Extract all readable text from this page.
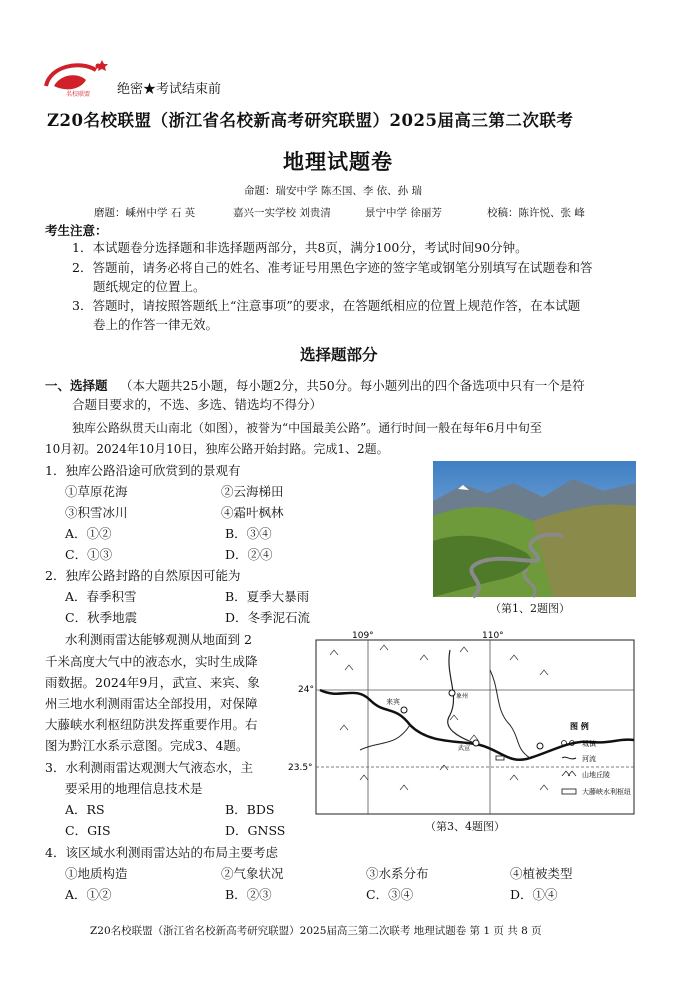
名校联盟 绝密★考试结束前
Z20名校联盟（浙江省名校新高考研究联盟）2025届高三第二次联考
地理试题卷
命题：瑞安中学 陈丕国、李 依、孙 瑞
磨题：嵊州中学 石 英	嘉兴一实学校 刘贵清	景宁中学 徐丽芳	校稿：陈许悦、张 峰
考生注意：
1．本试题卷分选择题和非选择题两部分，共8页，满分100分，考试时间90分钟。
2．答题前，请务必将自己的姓名、准考证号用黑色字迹的签字笔或钢笔分别填写在试题卷和答
题纸规定的位置上。
3．答题时，请按照答题纸上“注意事项”的要求，在答题纸相应的位置上规范作答，在本试题
卷上的作答一律无效。
选择题部分
一、选择题 （本大题共25小题，每小题2分，共50分。每小题列出的四个备选项中只有一个是符
合题目要求的，不选、多选、错选均不得分）
独库公路纵贯天山南北（如图），被誉为“中国最美公路”。通行时间一般在每年6月中旬至
10月初。2024年10月10日，独库公路开始封路。完成1、2题。
1．独库公路沿途可欣赏到的景观有
①草原花海	②云海梯田
③积雪冰川	④霜叶枫林
A．①②	B．③④
C．①③	D．②④
2．独库公路封路的自然原因可能为
A．春季积雪	B．夏季大暴雨
C．秋季地震	D．冬季泥石流
（第1、2题图）
水利测雨雷达能够观测从地面到 2
千米高度大气中的液态水，实时生成降
雨数据。2024年9月，武宣、来宾、象
州三地水利测雨雷达全部投用，对保障
大藤峡水利枢纽防洪发挥重要作用。右
图为黔江水系示意图。完成3、4题。
3．水利测雨雷达观测大气液态水，主
要采用的地理信息技术是
A．RS	B．BDS
C．GIS	D．GNSS
来宾
象州
武宣
109°	110°
24°
23.5°
图 例
城镇
河流
山地丘陵
大藤峡水利枢纽
（第3、4题图）
4．该区域水利测雨雷达站的布局主要考虑
①地质构造	②气象状况	③水系分布	④植被类型
A．①②	B．②③	C．③④	D．①④
Z20名校联盟（浙江省名校新高考研究联盟）2025届高三第二次联考 地理试题卷 第 1 页 共 8 页
